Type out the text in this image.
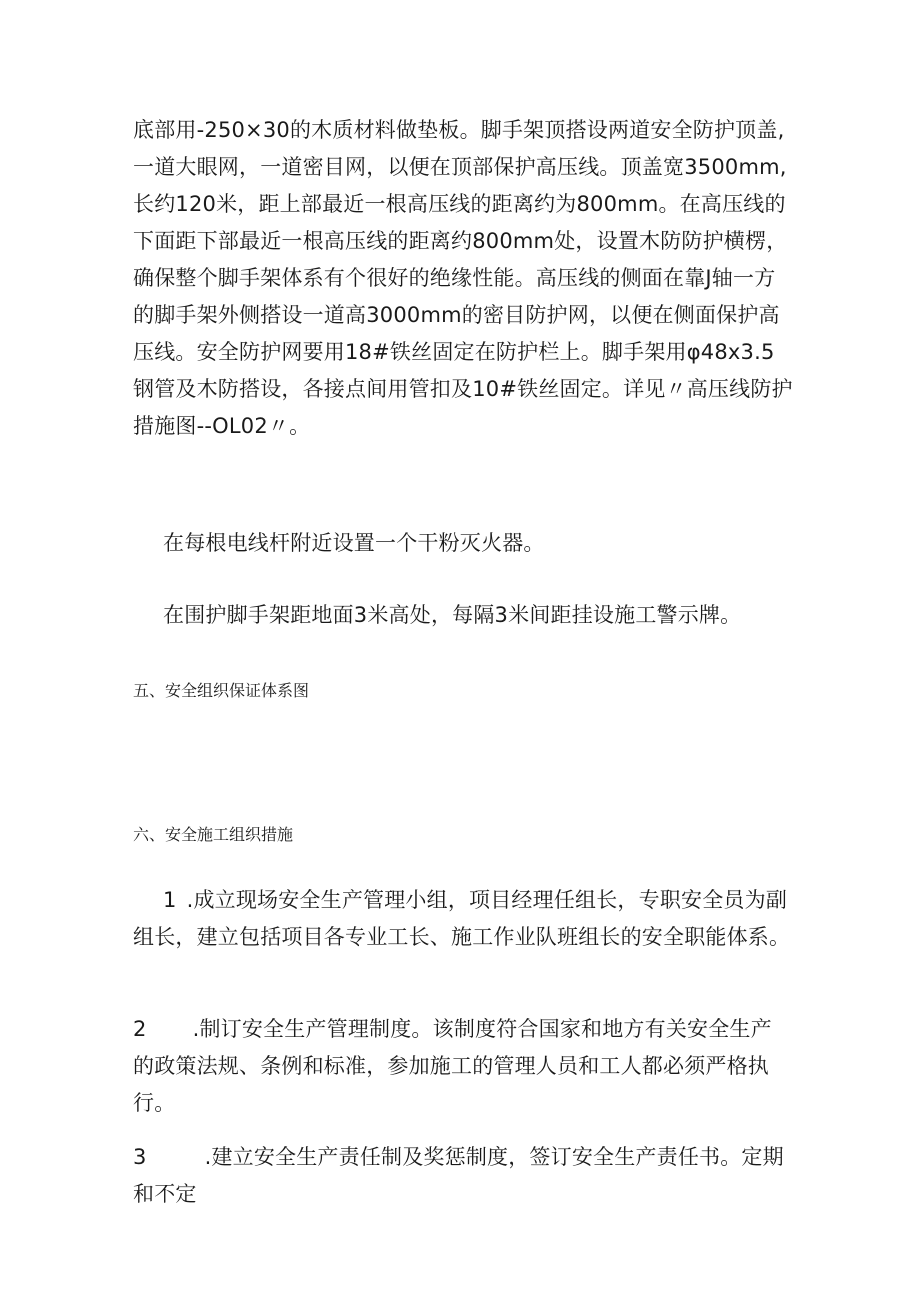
底部用-250×30的木质材料做垫板。脚手架顶搭设两道安全防护顶盖,一道大眼网，一道密目网，以便在顶部保护高压线。顶盖宽3500mm,长约120米，距上部最近一根高压线的距离约为800mm。在高压线的下面距下部最近一根高压线的距离约800mm处，设置木防防护横楞，确保整个脚手架体系有个很好的绝缘性能。高压线的侧面在靠J轴一方的脚手架外侧搭设一道高3000mm的密目防护网，以便在侧面保护高压线。安全防护网要用18#铁丝固定在防护栏上。脚手架用φ48x3.5钢管及木防搭设，各接点间用管扣及10#铁丝固定。详见〃高压线防护措施图--OL02〃。

在每根电线杆附近设置一个干粉灭火器。

在围护脚手架距地面3米高处，每隔3米间距挂设施工警示牌。

五、安全组织保证体系图
六、安全施工组织措施

1 .成立现场安全生产管理小组，项目经理任组长，专职安全员为副组长，建立包括项目各专业工长、施工作业队班组长的安全职能体系。

2 .制订安全生产管理制度。该制度符合国家和地方有关安全生产的政策法规、条例和标准，参加施工的管理人员和工人都必须严格执行。

3	.建立安全生产责任制及奖惩制度，签订安全生产责任书。定期和不定
